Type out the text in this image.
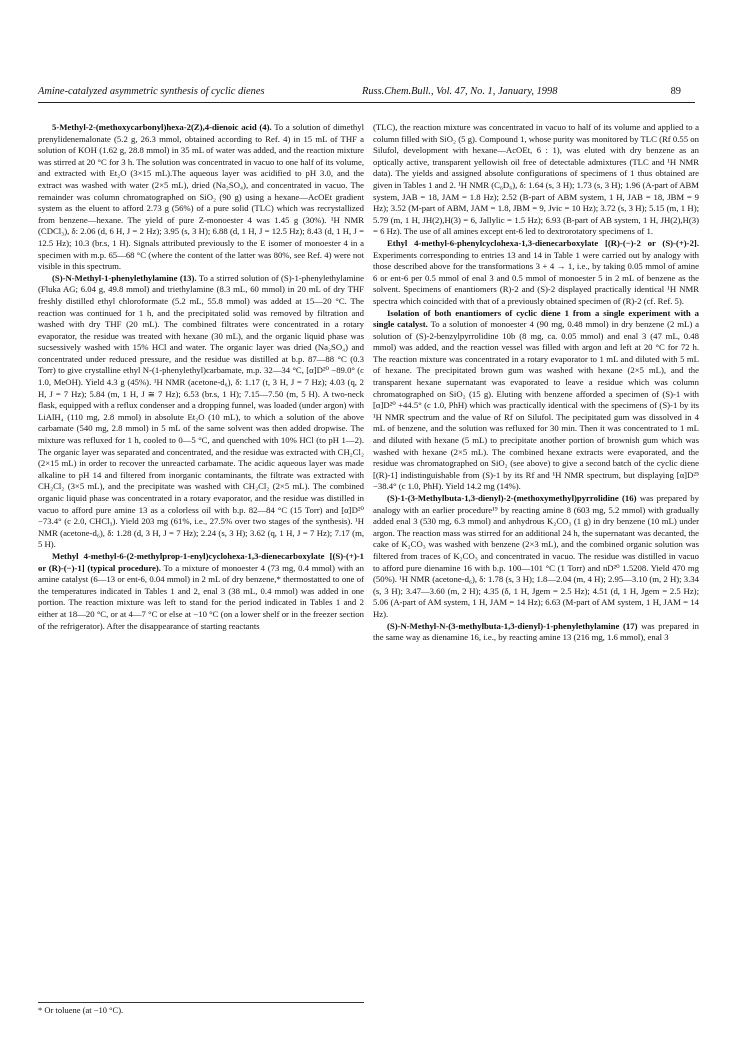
Amine-catalyzed asymmetric synthesis of cyclic dienes	Russ.Chem.Bull., Vol. 47, No. 1, January, 1998	89

5-Methyl-2-(methoxycarbonyl)hexa-2(Z),4-dienoic acid (4). To a solution of dimethyl prenylidenemalonate (5.2 g, 26.3 mmol, obtained according to Ref. 4) in 15 mL of THF a solution of KOH (1.62 g, 28.8 mmol) in 35 mL of water was added, and the reaction mixture was stirred at 20 °C for 3 h. The solution was concentrated in vacuo to one half of its volume, and extracted with Et₂O (3×15 mL).The aqueous layer was acidified to pH 3.0, and the extract was washed with water (2×5 mL), dried (Na₂SO₄), and concentrated in vacuo. The remainder was column chromatographed on SiO₂ (90 g) using a hexane—AcOEt gradient system as the eluent to afford 2.73 g (56%) of a pure solid (TLC) which was recrystallized from benzene—hexane. The yield of pure Z-monoester 4 was 1.45 g (30%). ¹H NMR (CDCl₃), δ: 2.06 (d, 6 H, J = 2 Hz); 3.95 (s, 3 H); 6.88 (d, 1 H, J = 12.5 Hz); 8.43 (d, 1 H, J = 12.5 Hz); 10.3 (br.s, 1 H). Signals attributed previously to the E isomer of monoester 4 in a specimen with m.p. 65—68 °C (where the content of the latter was 80%, see Ref. 4) were not visible in this spectrum.

(S)-N-Methyl-1-phenylethylamine (13). To a stirred solution of (S)-1-phenylethylamine (Fluka AG; 6.04 g, 49.8 mmol) and triethylamine (8.3 mL, 60 mmol) in 20 mL of dry THF freshly distilled ethyl chloroformate (5.2 mL, 55.8 mmol) was added at 15—20 °C. The reaction was continued for 1 h, and the precipitated solid was removed by filtration and washed with dry THF (20 mL). The combined filtrates were concentrated in a rotary evaporator, the residue was treated with hexane (30 mL), and the organic liquid phase was sucsessively washed with 15% HCl and water. The organic layer was dried (Na₂SO₄) and concentrated under reduced pressure, and the residue was distilled at b.p. 87—88 °C (0.3 Torr) to give crystalline ethyl N-(1-phenylethyl)carbamate, m.p. 32—34 °C, [α]D²⁰ −89.0° (c 1.0, MeOH). Yield 4.3 g (45%). ¹H NMR (acetone-d₆), δ: 1.17 (t, 3 H, J = 7 Hz); 4.03 (q, 2 H, J = 7 Hz); 5.84 (m, 1 H, J ≅ 7 Hz); 6.53 (br.s, 1 H); 7.15—7.50 (m, 5 H). A two-neck flask, equipped with a reflux condenser and a dropping funnel, was loaded (under argon) with LiAlH₄ (110 mg, 2.8 mmol) in absolute Et₂O (10 mL), to which a solution of the above carbamate (540 mg, 2.8 mmol) in 5 mL of the same solvent was then added dropwise. The mixture was refluxed for 1 h, cooled to 0—5 °C, and quenched with 10% HCl (to pH 1—2). The organic layer was separated and concentrated, and the residue was extracted with CH₂Cl₂ (2×15 mL) in order to recover the unreacted carbamate. The acidic aqueous layer was made alkaline to pH 14 and filtered from inorganic contaminants, the filtrate was extracted with CH₂Cl₂ (3×5 mL), and the precipitate was washed with CH₂Cl₂ (2×5 mL). The combined organic liquid phase was concentrated in a rotary evaporator, and the residue was distilled in vacuo to afford pure amine 13 as a colorless oil with b.p. 82—84 °C (15 Torr) and [α]D²⁰ −73.4° (c 2.0, CHCl₃). Yield 203 mg (61%, i.e., 27.5% over two stages of the synthesis). ¹H NMR (acetone-d₆), δ: 1.28 (d, 3 H, J = 7 Hz); 2.24 (s, 3 H); 3.62 (q, 1 H, J = 7 Hz); 7.17 (m, 5 H).

Methyl 4-methyl-6-(2-methylprop-1-enyl)cyclohexa-1,3-dienecarboxylate [(S)-(+)-1 or (R)-(−)-1] (typical procedure). To a mixture of monoester 4 (73 mg, 0.4 mmol) with an amine catalyst (6—13 or ent-6, 0.04 mmol) in 2 mL of dry benzene,* thermostatted to one of the temperatures indicated in Tables 1 and 2, enal 3 (38 mL, 0.4 mmol) was added in one portion. The reaction mixture was left to stand for the period indicated in Tables 1 and 2 either at 18—20 °C, or at 4—7 °C or else at −10 °C (on a lower shelf or in the freezer section of the refrigerator). After the disappearance of starting reactants

(TLC), the reaction mixture was concentrated in vacuo to half of its volume and applied to a column filled with SiO₂ (5 g). Compound 1, whose purity was monitored by TLC (Rf 0.55 on Silufol, development with hexane—AcOEt, 6 : 1), was eluted with dry benzene as an optically active, transparent yellowish oil free of detectable admixtures (TLC and ¹H NMR data). The yields and assigned absolute configurations of specimens of 1 thus obtained are given in Tables 1 and 2. ¹H NMR (C₆D₆), δ: 1.64 (s, 3 H); 1.73 (s, 3 H); 1.96 (A-part of ABM system, JAB = 18, JAM = 1.8 Hz); 2.52 (B-part of ABM system, 1 H, JAB = 18, JBM = 9 Hz); 3.52 (M-part of ABM, JAM = 1.8, JBM = 9, Jvic = 10 Hz); 3.72 (s, 3 H); 5.15 (m, 1 H); 5.79 (m, 1 H, JH(2),H(3) = 6, Jallylic = 1.5 Hz); 6.93 (B-part of AB system, 1 H, JH(2),H(3) = 6 Hz). The use of all amines except ent-6 led to dextrorotatory specimens of 1.

Ethyl 4-methyl-6-phenylcyclohexa-1,3-dienecarboxylate [(R)-(−)-2 or (S)-(+)-2]. Experiments corresponding to entries 13 and 14 in Table 1 were carried out by analogy with those described above for the transformations 3 + 4 → 1, i.e., by taking 0.05 mmol of amine 6 or ent-6 per 0.5 mmol of enal 3 and 0.5 mmol of monoester 5 in 2 mL of benzene as the solvent. Specimens of enantiomers (R)-2 and (S)-2 displayed practically identical ¹H NMR spectra which coincided with that of a previously obtained specimen of (R)-2 (cf. Ref. 5).

Isolation of both enantiomers of cyclic diene 1 from a single experiment with a single catalyst. To a solution of monoester 4 (90 mg, 0.48 mmol) in dry benzene (2 mL) a solution of (S)-2-benzylpyrrolidine 10b (8 mg, ca. 0.05 mmol) and enal 3 (47 mL, 0.48 mmol) was added, and the reaction vessel was filled with argon and left at 20 °C for 72 h. The reaction mixture was concentrated in a rotary evaporator to 1 mL and diluted with 5 mL of hexane. The precipitated brown gum was washed with hexane (2×5 mL), and the transparent hexane supernatant was evaporated to leave a residue which was column chromatographed on SiO₂ (15 g). Eluting with benzene afforded a specimen of (S)-1 with [α]D²⁰ +44.5° (c 1.0, PhH) which was practically identical with the specimens of (S)-1 by its ¹H NMR spectrum and the value of Rf on Silufol. The pecipitated gum was dissolved in 4 mL of benzene, and the solution was refluxed for 30 min. Then it was concentrated to 1 mL and diluted with hexane (5 mL) to precipitate another portion of brownish gum which was washed with hexane (2×5 mL). The combined hexane extracts were evaporated, and the residue was chromatographed on SiO₂ (see above) to give a second batch of the cyclic diene [(R)-1] indistinguishable from (S)-1 by its Rf and ¹H NMR spectrum, but displaying [α]D²⁵ −38.4° (c 1.0, PhH). Yield 14.2 mg (14%).

(S)-1-(3-Methylbuta-1,3-dienyl)-2-(methoxymethyl)pyrrolidine (16) was prepared by analogy with an earlier procedure¹⁹ by reacting amine 8 (603 mg, 5.2 mmol) with gradually added enal 3 (530 mg, 6.3 mmol) and anhydrous K₂CO₃ (1 g) in dry benzene (10 mL) under argon. The reaction mass was stirred for an additional 24 h, the supernatant was decanted, the cake of K₂CO₃ was washed with benzene (2×3 mL), and the combined organic solution was filtered from traces of K₂CO₃ and concentrated in vacuo. The residue was distilled in vacuo to afford pure dienamine 16 with b.p. 100—101 °C (1 Torr) and nD²⁰ 1.5208. Yield 470 mg (50%). ¹H NMR (acetone-d₆), δ: 1.78 (s, 3 H); 1.8—2.04 (m, 4 H); 2.95—3.10 (m, 2 H); 3.34 (s, 3 H); 3.47—3.60 (m, 2 H); 4.35 (δ, 1 H, Jgem = 2.5 Hz); 4.51 (d, 1 H, Jgem = 2.5 Hz); 5.06 (A-part of AM system, 1 H, JAM = 14 Hz); 6.63 (M-part of AM system, 1 H, JAM = 14 Hz).

(S)-N-Methyl-N-(3-methylbuta-1,3-dienyl)-1-phenylethylamine (17) was prepared in the same way as dienamine 16, i.e., by reacting amine 13 (216 mg, 1.6 mmol), enal 3

* Or toluene (at −10 °C).
